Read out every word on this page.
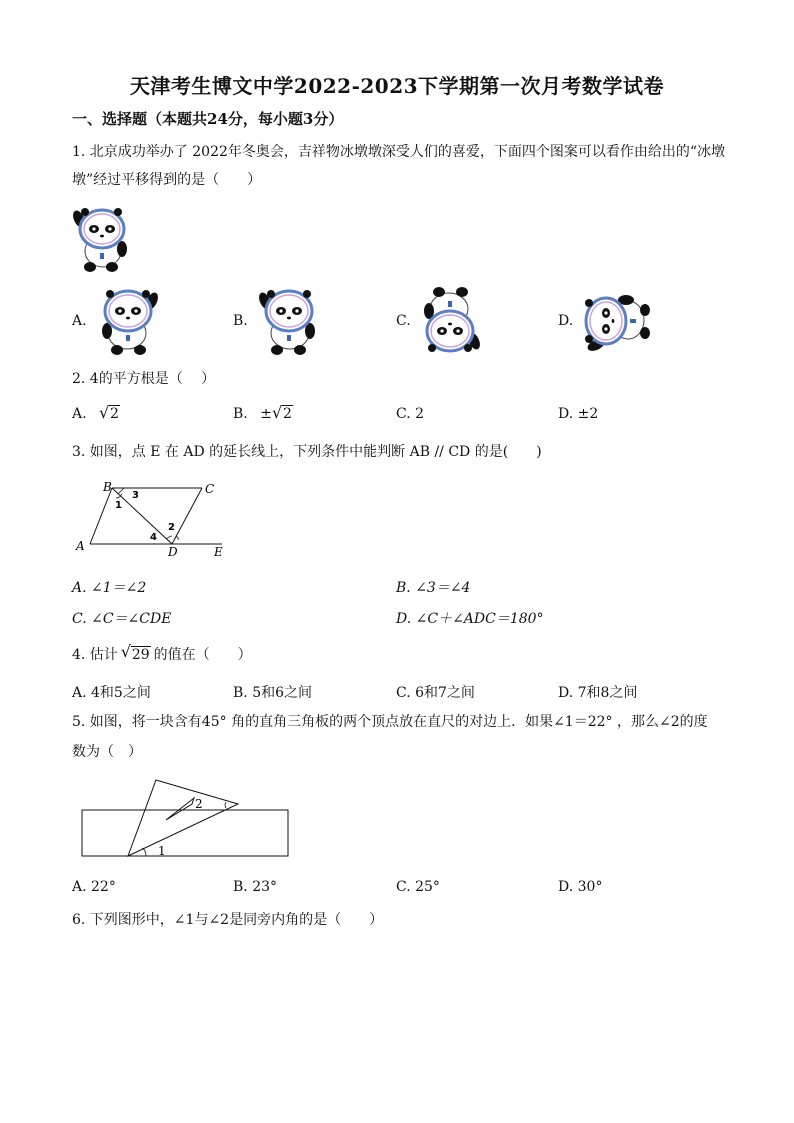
天津考生博文中学2022-2023下学期第一次月考数学试卷
一、选择题（本题共24分，每小题3分）
1. 北京成功举办了 2022年冬奥会，吉祥物冰墩墩深受人们的喜爱，下面四个图案可以看作由给出的“冰墩
墩”经过平移得到的是（　　）
A.	B.	C.	D.
2. 4的平方根是（　 ）
A. √ 2	B. ± √ 2	C. 2	D. ±2
3. 如图，点 E 在 AD 的延长线上，下列条件中能判断 AB // CD 的是(　　)
B	C
A	D	E
1
2
3
4
A. ∠1＝∠2	B. ∠3＝∠4
C. ∠C＝∠CDE	D. ∠C＋∠ADC＝180°
4. 估计 √ 29 的值在（　　）
A. 4和5之间	B. 5和6之间	C. 6和7之间	D. 7和8之间
5. 如图，将一块含有45° 角的直角三角板的两个顶点放在直尺的对边上．如果∠1＝22° ，那么∠2的度
数为（　）
1
2
A. 22°	B. 23°	C. 25°	D. 30°
6. 下列图形中，∠1与∠2是同旁内角的是（　　）
